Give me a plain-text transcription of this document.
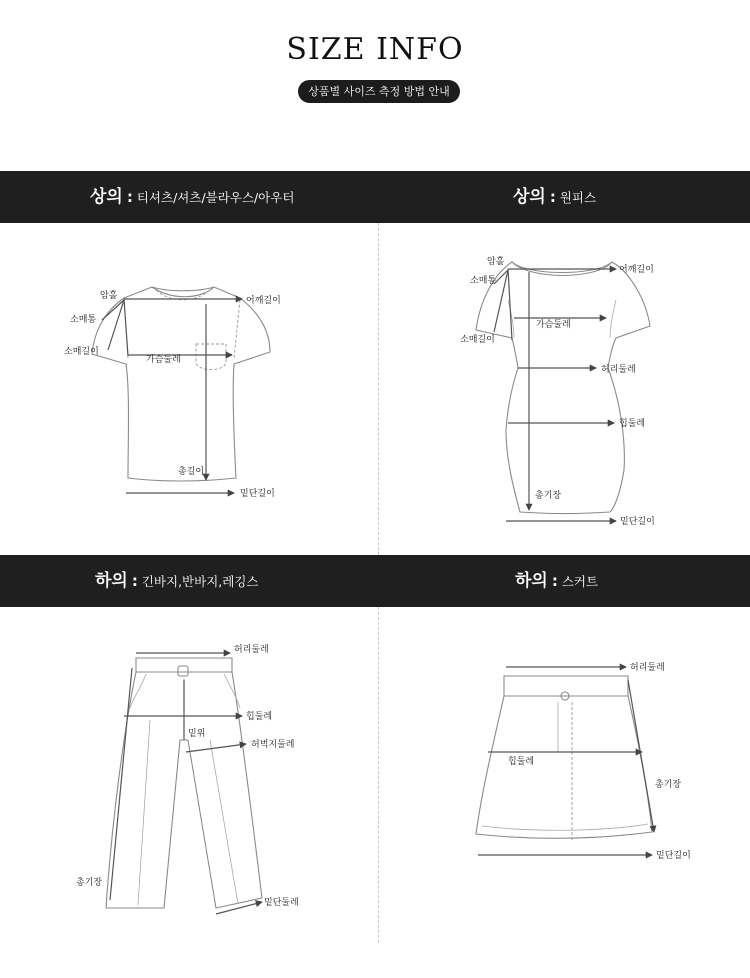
SIZE INFO
상품별 사이즈 측정 방법 안내
상의 : 티셔츠/셔츠/블라우스/아우터	상의 : 원피스
하의 : 긴바지,반바지,레깅스	하의 : 스커트
암홀
소매통
소매길이
어깨길이
가슴둘레
총길이
밑단길이
암홀
소매통
소매길이
어깨길이
가슴둘레
허리둘레
힙둘레
총기장
밑단길이
허리둘레
힙둘레
밑위
허벅지둘레
총기장
밑단둘레
허리둘레
힙둘레
총기장
밑단길이
